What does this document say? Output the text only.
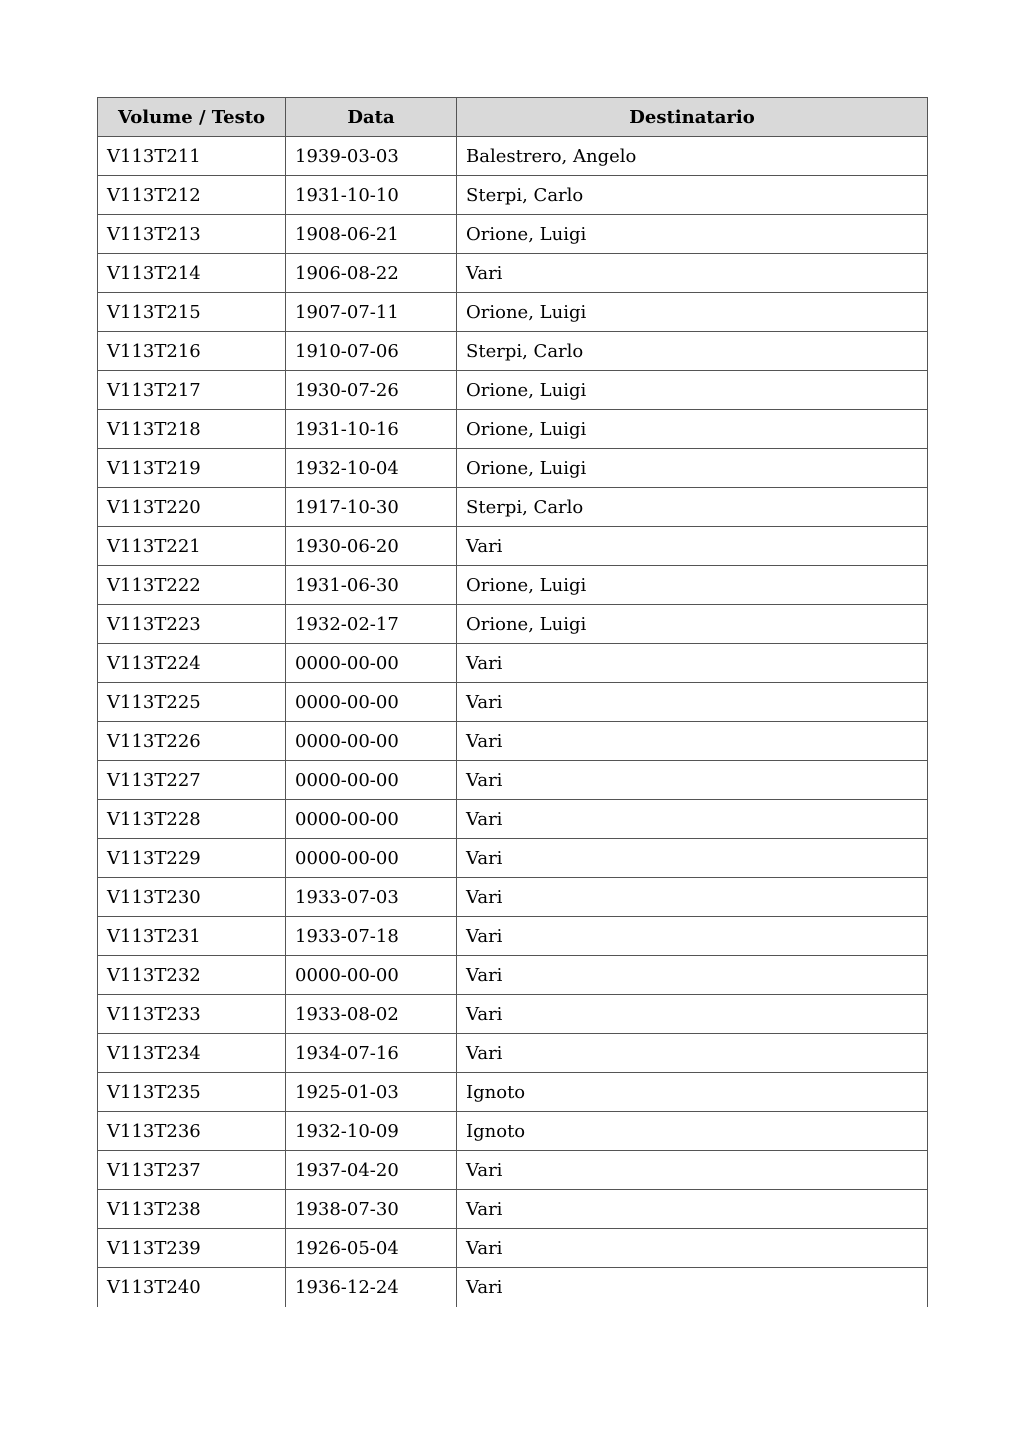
Volume / Testo	Data	Destinatario
V113T211	1939-03-03	Balestrero, Angelo
V113T212	1931-10-10	Sterpi, Carlo
V113T213	1908-06-21	Orione, Luigi
V113T214	1906-08-22	Vari
V113T215	1907-07-11	Orione, Luigi
V113T216	1910-07-06	Sterpi, Carlo
V113T217	1930-07-26	Orione, Luigi
V113T218	1931-10-16	Orione, Luigi
V113T219	1932-10-04	Orione, Luigi
V113T220	1917-10-30	Sterpi, Carlo
V113T221	1930-06-20	Vari
V113T222	1931-06-30	Orione, Luigi
V113T223	1932-02-17	Orione, Luigi
V113T224	0000-00-00	Vari
V113T225	0000-00-00	Vari
V113T226	0000-00-00	Vari
V113T227	0000-00-00	Vari
V113T228	0000-00-00	Vari
V113T229	0000-00-00	Vari
V113T230	1933-07-03	Vari
V113T231	1933-07-18	Vari
V113T232	0000-00-00	Vari
V113T233	1933-08-02	Vari
V113T234	1934-07-16	Vari
V113T235	1925-01-03	Ignoto
V113T236	1932-10-09	Ignoto
V113T237	1937-04-20	Vari
V113T238	1938-07-30	Vari
V113T239	1926-05-04	Vari
V113T240	1936-12-24	Vari
